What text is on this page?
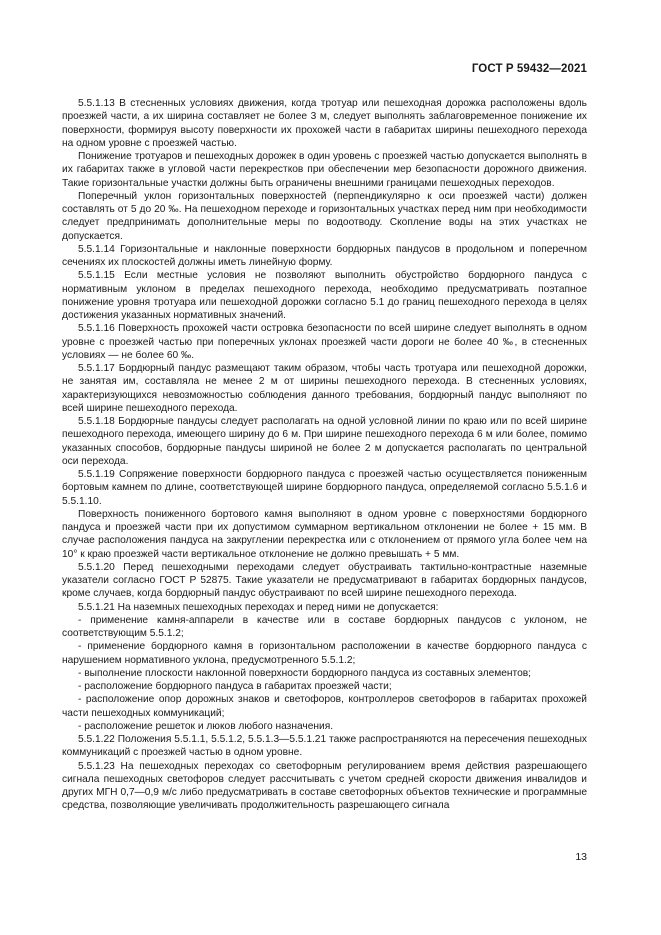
ГОСТ Р 59432—2021

5.5.1.13 В стесненных условиях движения, когда тротуар или пешеходная дорожка расположены вдоль проезжей части, а их ширина составляет не более 3 м, следует выполнять заблаговременное понижение их поверхности, формируя высоту поверхности их прохожей части в габаритах ширины пешеходного перехода на одном уровне с проезжей частью.

Понижение тротуаров и пешеходных дорожек в один уровень с проезжей частью допускается выполнять в их габаритах также в угловой части перекрестков при обеспечении мер безопасности дорожного движения. Такие горизонтальные участки должны быть ограничены внешними границами пешеходных переходов.

Поперечный уклон горизонтальных поверхностей (перпендикулярно к оси проезжей части) должен составлять от 5 до 20 ‰. На пешеходном переходе и горизонтальных участках перед ним при необходимости следует предпринимать дополнительные меры по водоотводу. Скопление воды на этих участках не допускается.

5.5.1.14 Горизонтальные и наклонные поверхности бордюрных пандусов в продольном и поперечном сечениях их плоскостей должны иметь линейную форму.

5.5.1.15 Если местные условия не позволяют выполнить обустройство бордюрного пандуса с нормативным уклоном в пределах пешеходного перехода, необходимо предусматривать поэтапное понижение уровня тротуара или пешеходной дорожки согласно 5.1 до границ пешеходного перехода в целях достижения указанных нормативных значений.

5.5.1.16 Поверхность прохожей части островка безопасности по всей ширине следует выполнять в одном уровне с проезжей частью при поперечных уклонах проезжей части дороги не более 40 ‰, в стесненных условиях — не более 60 ‰.

5.5.1.17 Бордюрный пандус размещают таким образом, чтобы часть тротуара или пешеходной дорожки, не занятая им, составляла не менее 2 м от ширины пешеходного перехода. В стесненных условиях, характеризующихся невозможностью соблюдения данного требования, бордюрный пандус выполняют по всей ширине пешеходного перехода.

5.5.1.18 Бордюрные пандусы следует располагать на одной условной линии по краю или по всей ширине пешеходного перехода, имеющего ширину до 6 м. При ширине пешеходного перехода 6 м или более, помимо указанных способов, бордюрные пандусы шириной не более 2 м допускается располагать по центральной оси перехода.

5.5.1.19 Сопряжение поверхности бордюрного пандуса с проезжей частью осуществляется пониженным бортовым камнем по длине, соответствующей ширине бордюрного пандуса, определяемой согласно 5.5.1.6 и 5.5.1.10.

Поверхность пониженного бортового камня выполняют в одном уровне с поверхностями бордюрного пандуса и проезжей части при их допустимом суммарном вертикальном отклонении не более + 15 мм. В случае расположения пандуса на закруглении перекрестка или с отклонением от прямого угла более чем на 10° к краю проезжей части вертикальное отклонение не должно превышать + 5 мм.

5.5.1.20 Перед пешеходными переходами следует обустраивать тактильно-контрастные наземные указатели согласно ГОСТ Р 52875. Такие указатели не предусматривают в габаритах бордюрных пандусов, кроме случаев, когда бордюрный пандус обустраивают по всей ширине пешеходного перехода.

5.5.1.21 На наземных пешеходных переходах и перед ними не допускается:

- применение камня-аппарели в качестве или в составе бордюрных пандусов с уклоном, не соответствующим 5.5.1.2;

- применение бордюрного камня в горизонтальном расположении в качестве бордюрного пандуса с нарушением нормативного уклона, предусмотренного 5.5.1.2;

- выполнение плоскости наклонной поверхности бордюрного пандуса из составных элементов;

- расположение бордюрного пандуса в габаритах проезжей части;

- расположение опор дорожных знаков и светофоров, контроллеров светофоров в габаритах прохожей части пешеходных коммуникаций;

- расположение решеток и люков любого назначения.

5.5.1.22 Положения 5.5.1.1, 5.5.1.2, 5.5.1.3—5.5.1.21 также распространяются на пересечения пешеходных коммуникаций с проезжей частью в одном уровне.

5.5.1.23 На пешеходных переходах со светофорным регулированием время действия разрешающего сигнала пешеходных светофоров следует рассчитывать с учетом средней скорости движения инвалидов и других МГН 0,7—0,9 м/с либо предусматривать в составе светофорных объектов технические и программные средства, позволяющие увеличивать продолжительность разрешающего сигнала

13
